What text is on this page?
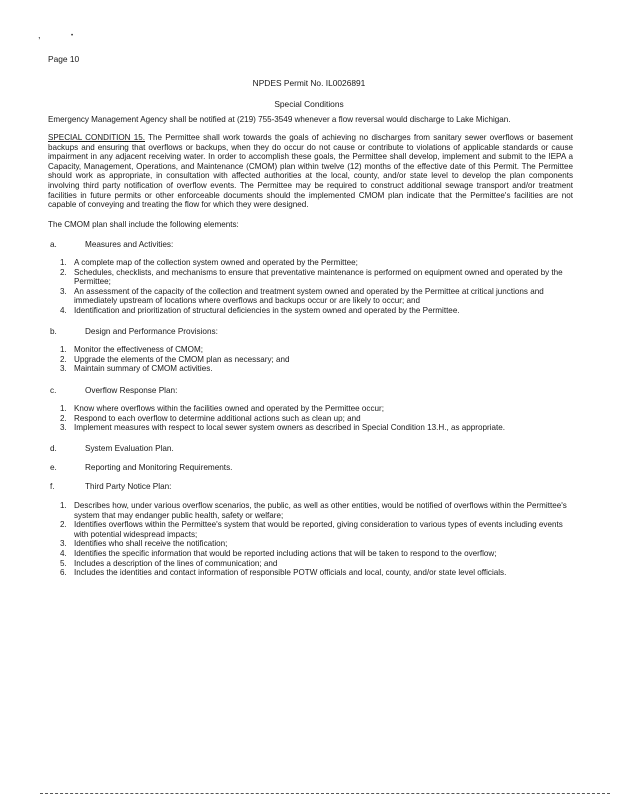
,	•
Page 10
NPDES Permit No. IL0026891
Special Conditions
Emergency Management Agency shall be notified at (219) 755-3549 whenever a flow reversal would discharge to Lake Michigan.
SPECIAL CONDITION 15. The Permittee shall work towards the goals of achieving no discharges from sanitary sewer overflows or basement backups and ensuring that overflows or backups, when they do occur do not cause or contribute to violations of applicable standards or cause impairment in any adjacent receiving water. In order to accomplish these goals, the Permittee shall develop, implement and submit to the IEPA a Capacity, Management, Operations, and Maintenance (CMOM) plan within twelve (12) months of the effective date of this Permit. The Permittee should work as appropriate, in consultation with affected authorities at the local, county, and/or state level to develop the plan components involving third party notification of overflow events. The Permittee may be required to construct additional sewage transport and/or treatment facilities in future permits or other enforceable documents should the implemented CMOM plan indicate that the Permittee's facilities are not capable of conveying and treating the flow for which they were designed.
The CMOM plan shall include the following elements:
a.	Measures and Activities:
1. A complete map of the collection system owned and operated by the Permittee;
2. Schedules, checklists, and mechanisms to ensure that preventative maintenance is performed on equipment owned and operated by the Permittee;
3. An assessment of the capacity of the collection and treatment system owned and operated by the Permittee at critical junctions and immediately upstream of locations where overflows and backups occur or are likely to occur; and
4. Identification and prioritization of structural deficiencies in the system owned and operated by the Permittee.
b.	Design and Performance Provisions:
1. Monitor the effectiveness of CMOM;
2. Upgrade the elements of the CMOM plan as necessary; and
3. Maintain summary of CMOM activities.
c.	Overflow Response Plan:
1. Know where overflows within the facilities owned and operated by the Permittee occur;
2. Respond to each overflow to determine additional actions such as clean up; and
3. Implement measures with respect to local sewer system owners as described in Special Condition 13.H., as appropriate.
d.	System Evaluation Plan.
e.	Reporting and Monitoring Requirements.
f.	Third Party Notice Plan:
1. Describes how, under various overflow scenarios, the public, as well as other entities, would be notified of overflows within the Permittee's system that may endanger public health, safety or welfare;
2. Identifies overflows within the Permittee's system that would be reported, giving consideration to various types of events including events with potential widespread impacts;
3. Identifies who shall receive the notification;
4. Identifies the specific information that would be reported including actions that will be taken to respond to the overflow;
5. Includes a description of the lines of communication; and
6. Includes the identities and contact information of responsible POTW officials and local, county, and/or state level officials.
